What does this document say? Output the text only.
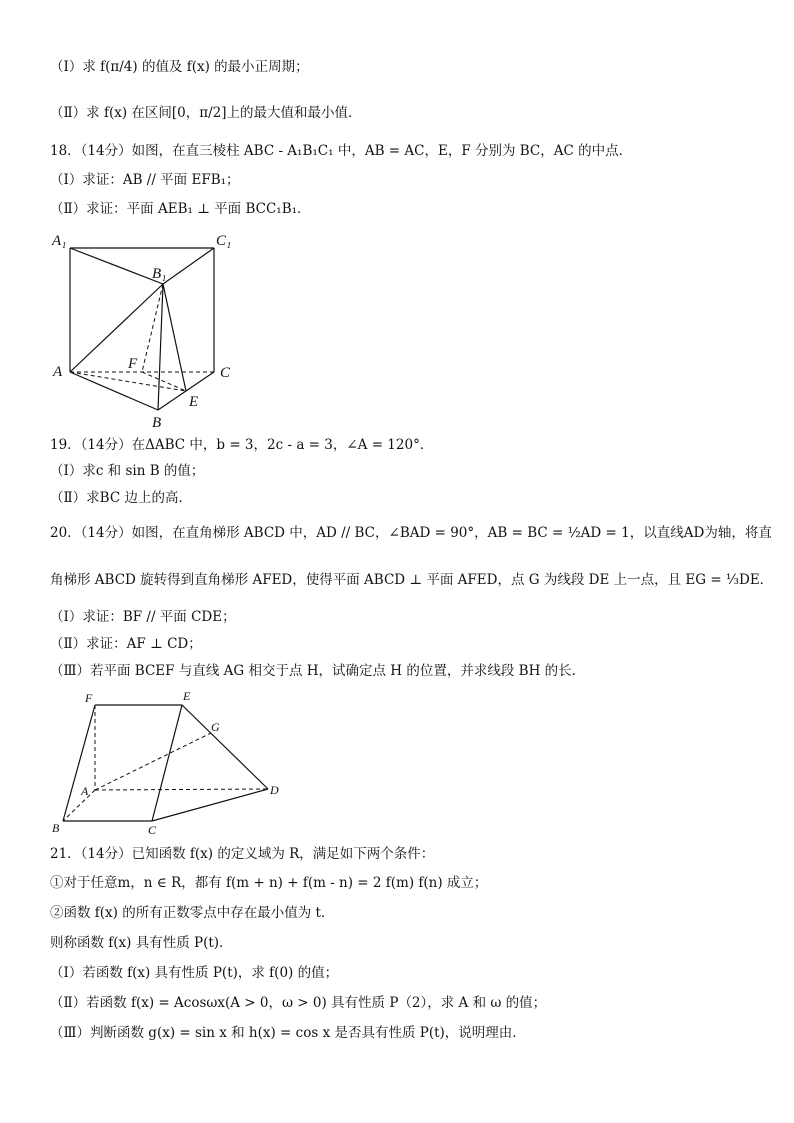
（Ⅰ）求 f(π/4) 的值及 f(x) 的最小正周期；
（Ⅱ）求 f(x) 在区间[0，π/2]上的最大值和最小值．
18．（14分）如图，在直三棱柱 ABC - A₁B₁C₁ 中，AB = AC，E，F 分别为 BC，AC 的中点．
（Ⅰ）求证：AB // 平面 EFB₁；
（Ⅱ）求证：平面 AEB₁ ⊥ 平面 BCC₁B₁．
A₁	C₁
B₁
A	F
C
E
B
19．（14分）在ΔABC 中，b = 3，2c - a = 3，∠A = 120°．
（Ⅰ）求c 和 sin B 的值；
（Ⅱ）求BC 边上的高．
20．（14分）如图，在直角梯形 ABCD 中，AD // BC，∠BAD = 90°，AB = BC = ½AD = 1，以直线AD为轴，将直
角梯形 ABCD 旋转得到直角梯形 AFED，使得平面 ABCD ⊥ 平面 AFED，点 G 为线段 DE 上一点，且 EG = ⅓DE．
（Ⅰ）求证：BF // 平面 CDE；
（Ⅱ）求证：AF ⊥ CD；
（Ⅲ）若平面 BCEF 与直线 AG 相交于点 H，试确定点 H 的位置，并求线段 BH 的长．
F	E
G
A	D
B	C
21．（14分）已知函数 f(x) 的定义域为 R，满足如下两个条件：
①对于任意m，n ∈ R，都有 f(m + n) + f(m - n) = 2 f(m) f(n) 成立；
②函数 f(x) 的所有正数零点中存在最小值为 t．
则称函数 f(x) 具有性质 P(t)．
（Ⅰ）若函数 f(x) 具有性质 P(t)，求 f(0) 的值；
（Ⅱ）若函数 f(x) = Acosωx(A > 0，ω > 0) 具有性质 P（2），求 A 和 ω 的值；
（Ⅲ）判断函数 g(x) = sin x 和 h(x) = cos x 是否具有性质 P(t)，说明理由．
